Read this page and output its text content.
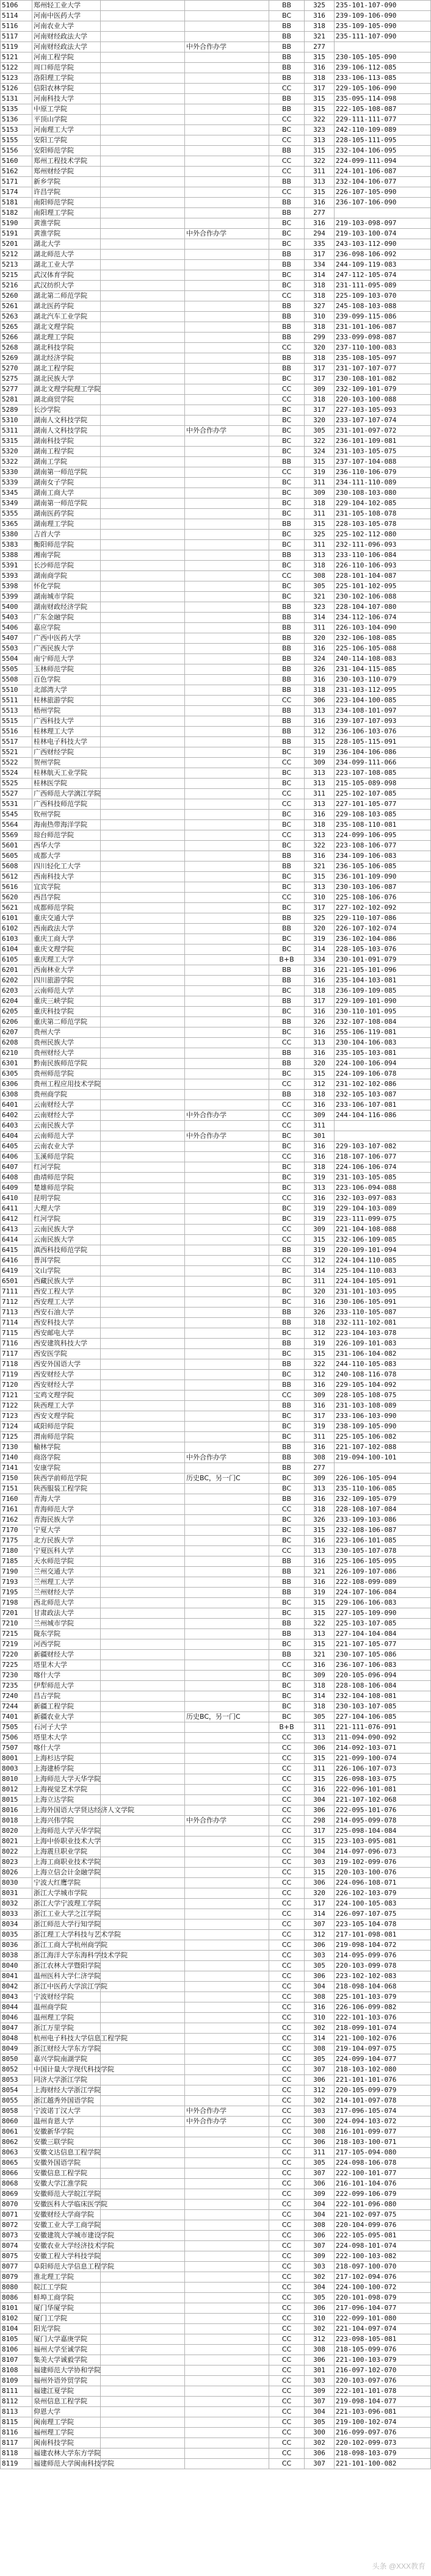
5106	郑州轻工业大学			BB	325	235-101-107-090
5114	河南中医药大学			BC	316	239-109-106-090
5116	河南农业大学			BB	318	235-109-105-090
5117	河南财经政法大学			BB	321	235-111-107-090
5119	河南财经政法大学		中外合作办学	BB	277	
5121	河南工程学院			BB	315	230-105-105-090
5122	周口师范学院			BB	316	239-106-112-085
5123	洛阳理工学院			BB	318	233-106-113-085
5126	信阳农林学院			CC	317	229-105-106-090
5131	河南科技大学			BB	315	235-095-114-098
5135	中原工学院			BB	315	222-105-108-087
5136	平顶山学院			CC	322	229-111-111-077
5153	河南理工大学			BC	323	242-110-109-089
5155	安阳工学院			CC	313	228-105-111-095
5156	安阳师范学院			BB	315	232-104-106-095
5160	郑州工程技术学院			CC	322	224-099-111-094
5162	郑州财经学院			CC	311	224-101-106-087
5171	新乡学院			BB	313	232-104-106-077
5174	许昌学院			CC	315	226-107-105-090
5181	南阳师范学院			BB	316	236-107-106-090
5182	南阳理工学院			BB	277	
5190	黄淮学院			BC	316	219-103-098-097
5191	黄淮学院		中外合作办学	BC	294	219-103-100-074
5201	湖北大学			BC	335	243-103-112-090
5212	湖北师范大学			BB	317	236-098-106-092
5213	湖北工业大学			BB	334	244-109-119-083
5215	武汉体育学院			BC	314	247-112-105-074
5216	武汉纺织大学			BC	318	231-111-095-089
5260	湖北第二师范学院			CC	318	225-109-103-070
5261	湖北医药学院			BB	327	245-108-103-088
5263	湖北汽车工业学院			BB	310	239-099-115-086
5265	湖北文理学院			BB	318	231-101-106-087
5266	湖北理工学院			BB	299	233-099-098-087
5268	湖北科技学院			CC	320	237-110-100-083
5269	湖北经济学院			BB	318	235-108-105-097
5270	湖北工程学院			BB	317	231-107-107-077
5275	湖北民族大学			BC	317	230-108-101-082
5277	湖北文理学院理工学院			CC	309	232-109-101-079
5281	湖北商贸学院			CC	318	220-103-100-088
5289	长沙学院			BC	317	227-103-105-093
5310	湖南人文科技学院			BC	320	233-107-107-074
5311	湖南人文科技学院		中外合作办学	BC	305	231-101-097-072
5315	湖南科技学院			BC	322	236-101-109-081
5320	湖南工程学院			BC	324	231-103-105-075
5322	湖南工学院			BB	315	237-107-104-088
5330	湖南第一师范学院			CC	319	236-110-106-079
5339	湖南女子学院			BC	311	234-111-110-089
5345	湖南工商大学			BC	309	230-108-103-080
5349	湖南第一师范学院			BC	318	229-104-102-085
5355	湖南医药学院			BC	311	231-105-108-078
5365	湖南理工学院			BB	315	228-103-105-078
5380	吉首大学			BC	325	225-102-112-080
5383	衡阳师范学院			BC	311	232-111-096-093
5388	湘南学院			BB	313	233-110-106-084
5391	长沙师范学院			BC	318	226-110-106-093
5393	湖南商学院			CC	308	228-101-104-087
5398	怀化学院			BC	305	225-101-102-095
5399	湖南城市学院			BC	321	230-102-106-088
5400	湖南财政经济学院			BB	323	228-104-107-080
5403	广东金融学院			BB	314	234-112-106-074
5406	嘉应学院			BB	311	226-103-104-090
5407	广西中医药大学			BB	320	232-106-108-085
5503	广西民族大学			BB	316	225-106-105-088
5504	南宁师范大学			BB	324	240-114-108-083
5505	玉林师范学院			BB	326	231-104-115-085
5508	百色学院			BB	316	230-103-110-079
5510	北部湾大学			BB	318	231-103-112-095
5511	桂林旅游学院			CC	306	223-104-100-085
5513	梧州学院			BB	313	234-108-101-097
5515	广西科技大学			BB	316	239-107-107-093
5516	桂林理工大学			BB	312	236-106-103-076
5517	桂林电子科技大学			BB	315	228-105-115-091
5521	广西财经学院			BC	319	236-104-106-086
5522	贺州学院			CC	309	234-099-111-066
5524	桂林航天工业学院			BC	313	223-107-108-085
5525	桂林医学院			BC	313	215-105-089-098
5527	广西师范大学漓江学院			CC	311	225-102-107-085
5531	广西科技师范学院			CC	313	227-101-105-077
5545	钦州学院			BC	316	229-108-103-085
5564	海南热带海洋学院			BC	318	235-108-110-081
5569	琼台师范学院			CC	313	224-099-106-095
5601	西华大学			BC	322	223-108-106-077
5605	成都大学			BB	316	234-109-106-083
5608	四川轻化工大学			BB	321	236-105-106-085
5612	西南科技大学			BC	315	236-101-109-090
5616	宜宾学院			BC	313	230-103-106-087
5620	西昌学院			CC	310	225-108-106-076
5621	成都师范学院			BC	317	227-102-102-092
6101	重庆交通大学			BB	325	229-110-107-086
6102	西南政法大学			BB	320	226-107-102-074
6103	重庆工商大学			BC	319	236-102-104-086
6104	重庆文理学院			BC	314	228-105-103-076
6105	重庆理工大学			B+B	334	230-101-091-079
6201	西南林业大学			BB	316	221-105-101-096
6202	四川旅游学院			BB	316	235-104-103-081
6203	云南师范大学			BC	318	236-109-109-085
6204	重庆三峡学院			BB	317	229-109-101-090
6205	重庆科技学院			BC	316	230-110-101-095
6206	重庆第二师范学院			BB	326	232-107-108-084
6207	贵州大学			BC	316	255-106-119-081
6208	贵州民族大学			CC	313	230-104-106-083
6210	贵州财经大学			BB	316	235-105-103-081
6301	黔南民族师范学院			BB	320	224-100-106-094
6305	贵州师范学院			BC	315	224-109-106-078
6306	贵州工程应用技术学院			CC	312	231-102-102-086
6308	贵州商学院			BB	318	232-105-103-087
6401	云南财经大学			CC	316	233-106-107-081
6402	云南财经大学		中外合作办学	CC	309	244-104-116-086
6403	云南民族大学			CC	311	
6404	云南师范大学		中外合作办学	BC	301	
6405	云南农业大学			BC	316	229-103-107-082
6406	玉溪师范学院			CC	316	218-107-106-077
6407	红河学院			BC	318	224-106-106-074
6408	曲靖师范学院			BC	319	231-103-105-085
6409	楚雄师范学院			BC	313	223-106-094-088
6410	昆明学院			CC	316	232-103-097-083
6411	大理大学			BC	319	229-104-103-089
6412	红河学院			BC	319	223-111-099-075
6413	云南民族大学			CC	309	221-104-108-088
6414	云南民族大学			CC	315	232-106-109-085
6415	滇西科技师范学院			BB	319	220-109-101-094
6416	普洱学院			CC	312	224-104-110-085
6419	文山学院			BC	314	225-104-110-083
6501	西藏民族大学			BC	311	224-104-105-091
7111	西安工程大学			BC	320	231-101-103-095
7112	西安理工大学			BC	316	230-106-105-091
7113	西安石油大学			BB	326	233-110-105-087
7114	西安科技大学			BB	318	232-111-102-081
7115	西安邮电大学			BC	312	223-104-103-078
7116	西安建筑科技大学			BB	319	226-109-101-083
7117	西安医学院			BC	315	231-106-104-082
7118	西安外国语大学			BB	322	244-110-105-083
7119	西安财经大学			BC	312	240-108-116-078
7120	西安财经大学			BB	316	229-105-104-092
7121	宝鸡文理学院			CC	309	228-105-108-075
7122	陕西理工大学			BB	316	231-103-108-089
7123	西安文理学院			BC	317	233-106-103-090
7124	咸阳师范学院			BC	319	238-109-105-090
7125	渭南师范学院			BC	311	225-105-106-082
7130	榆林学院			BB	316	221-107-102-088
7140	商洛学院		中外合作办学	BB	308	219-094-100-101
7141	安康学院			BB	277	
7150	陕西学前师范学院		历史BC，另一门C	BC	309	226-106-105-094
7151	陕西服装工程学院			BC	313	235-110-106-085
7160	青海大学			BB	316	232-109-105-079
7161	青海师范大学			CC	318	228-108-107-084
7162	青海民族大学			BC	326	233-109-103-086
7170	宁夏大学			BC	315	232-108-106-087
7175	北方民族大学			BC	316	223-106-101-085
7180	宁夏医科大学			CC	313	230-105-107-078
7185	天水师范学院			BB	316	225-106-105-095
7190	兰州交通大学			BB	321	226-109-107-086
7193	兰州理工大学			BB	316	222-108-099-089
7195	兰州财经大学			BB	319	224-107-106-084
7198	西北师范大学			BC	315	229-106-106-083
7201	甘肃政法大学			BC	315	227-105-109-090
7210	兰州城市学院			BB	322	225-103-107-085
7215	陇东学院			BB	313	227-104-104-084
7219	河西学院			BC	315	221-107-105-077
7220	新疆财经大学			BB	321	230-107-105-086
7225	塔里木大学			CC	316	236-107-106-083
7230	喀什大学			BC	309	220-105-096-094
7235	伊犁师范大学			BC	318	228-108-106-084
7240	昌吉学院			BC	314	232-104-108-081
7244	新疆工程学院			BC	318	230-103-107-085
7401	新疆农业大学		历史BC，另一门C	BC	305	227-104-106-085
7505	石河子大学			B+B	311	221-111-076-091
7506	塔里木大学			CC	313	211-094-090-092
7507	喀什大学			CC	306	214-092-103-071
8001	上海杉达学院			CC	315	221-099-100-074
8003	上海建桥学院			CC	311	226-106-107-073
8010	上海师范大学天华学院			CC	315	226-098-103-075
8012	上海视觉艺术学院			CC	316	222-096-101-081
8015	上海立达学院			CC	304	221-107-102-068
8016	上海外国语大学贤达经济人文学院			CC	306	222-095-101-076
8018	上海兴伟学院		中外合作办学	CC	298	214-095-099-078
8020	上海师范大学天华学院			CC	317	225-098-104-084
8021	上海中侨职业技术大学			CC	315	223-103-095-081
8022	上海震旦职业学院			CC	304	214-097-096-073
8023	上海工商职业技术学院			CC	303	219-102-099-076
8026	上海立信会计金融学院			CC	315	220-103-100-076
8030	宁波大红鹰学院			CC	306	224-096-108-071
8031	浙江大学城市学院			CC	320	226-102-103-079
8032	浙江大学宁波理工学院			CC	317	224-100-105-083
8033	浙江工业大学之江学院			CC	314	226-097-107-075
8034	浙江师范大学行知学院			CC	307	223-105-104-078
8035	浙江理工大学科技与艺术学院			CC	312	217-101-098-081
8036	浙江工商大学杭州商学院			CC	306	219-098-104-072
8038	浙江海洋大学东海科学技术学院			CC	303	214-095-099-076
8040	浙江农林大学暨阳学院			CC	305	220-103-099-078
8041	温州医科大学仁济学院			CC	306	223-102-102-083
8042	浙江中医药大学滨江学院			CC	304	218-098-104-068
8043	宁波财经学院			CC	308	225-101-103-079
8044	温州商学院			CC	316	226-106-099-082
8046	温州理工学院			CC	310	222-101-103-076
8047	浙江万里学院			CC	302	218-099-101-074
8048	杭州电子科技大学信息工程学院			CC	314	221-100-102-076
8049	浙江财经大学东方学院			CC	308	219-104-097-075
8050	嘉兴学院南湖学院			CC	305	224-099-104-077
8052	中国计量大学现代科技学院			CC	307	218-103-102-080
8053	同济大学浙江学院			CC	306	221-101-101-076
8054	上海财经大学浙江学院			CC	312	220-105-099-079
8055	浙江越秀外国语学院			CC	302	214-101-097-078
8058	宁波诺丁汉大学		中外合作办学	CC	303	217-096-105-074
8060	温州肯恩大学		中外合作办学	CC	300	224-094-103-072
8061	安徽新华学院			CC	308	216-101-099-077
8062	安徽三联学院			CC	306	218-103-100-071
8063	安徽文达信息工程学院			CC	311	217-105-094-080
8065	安徽外国语学院			CC	305	224-098-106-078
8066	安徽信息工程学院			CC	307	222-100-101-077
8068	安徽大学江淮学院			CC	306	216-101-104-076
8069	安徽师范大学皖江学院			CC	309	222-099-106-079
8070	安徽医科大学临床医学院			CC	304	222-101-096-080
8071	安徽财经大学商学院			CC	304	221-102-097-075
8072	安徽工业大学工商学院			CC	308	220-104-099-076
8073	安徽建筑大学城市建设学院			CC	306	222-105-095-081
8074	安徽农业大学经济技术学院			CC	307	224-098-101-074
8075	安徽工程大学科技学院			CC	309	222-100-103-082
8077	阜阳师范大学信息工程学院			CC	303	218-097-100-070
8079	淮北理工学院			CC	302	217-102-094-076
8080	皖江工学院			CC	304	224-100-100-072
8086	蚌埠工商学院			CC	305	220-101-098-079
8101	厦门华厦学院			CC	306	217-096-104-077
8102	厦门工学院			CC	310	222-099-101-080
8104	阳光学院			CC	302	221-104-097-074
8105	厦门大学嘉庚学院			CC	312	223-098-105-081
8106	福州大学至诚学院			CC	308	218-105-099-076
8107	集美大学诚毅学院			CC	306	221-100-103-079
8108	福建师范大学协和学院			CC	301	216-097-102-070
8109	福州外语外贸学院			CC	303	220-103-097-076
8111	福建江夏学院			CC	309	222-101-101-078
8112	泉州信息工程学院			CC	307	219-098-104-077
8113	仰恩大学			CC	304	221-103-096-081
8115	闽南理工学院			CC	305	219-100-102-074
8116	福州理工学院			CC	300	216-099-097-076
8117	闽南科技学院			CC	302	220-102-099-073
8118	福建农林大学东方学院			CC	306	218-098-103-079
8119	福建师范大学闽南科技学院			CC	307	221-101-100-082
头条 @XXX教育
